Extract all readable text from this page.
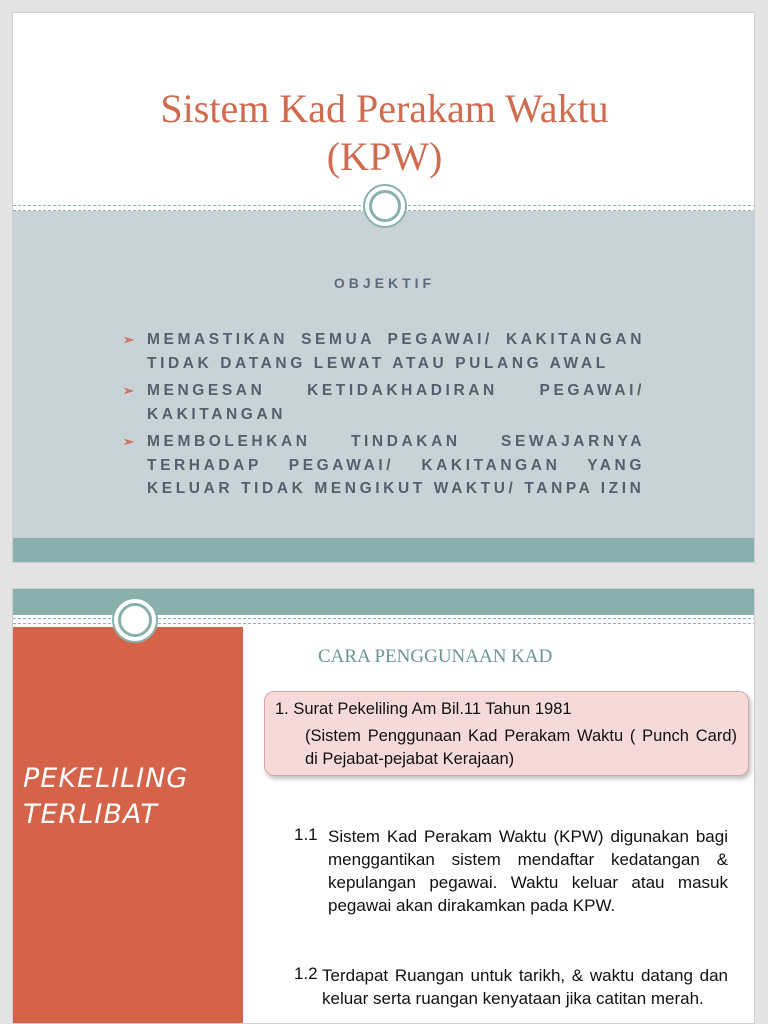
Sistem Kad Perakam Waktu
(KPW)
OBJEKTIF
➢ MEMASTIKAN SEMUA PEGAWAI/ KAKITANGAN TIDAK DATANG LEWAT ATAU PULANG AWAL
➢ MENGESAN KETIDAKHADIRAN PEGAWAI/ KAKITANGAN
➢ MEMBOLEHKAN TINDAKAN SEWAJARNYA TERHADAP PEGAWAI/ KAKITANGAN YANG KELUAR TIDAK MENGIKUT WAKTU/ TANPA IZIN
PEKELILING
TERLIBAT
CARA PENGGUNAAN KAD
1. Surat Pekeliling Am Bil.11 Tahun 1981
(Sistem Penggunaan Kad Perakam Waktu ( Punch Card) di Pejabat-pejabat Kerajaan)
1.1 Sistem Kad Perakam Waktu (KPW) digunakan bagi menggantikan sistem mendaftar kedatangan & kepulangan pegawai. Waktu keluar atau masuk pegawai akan dirakamkan pada KPW.
1.2 Terdapat Ruangan untuk tarikh, & waktu datang dan keluar serta ruangan kenyataan jika catitan merah.
